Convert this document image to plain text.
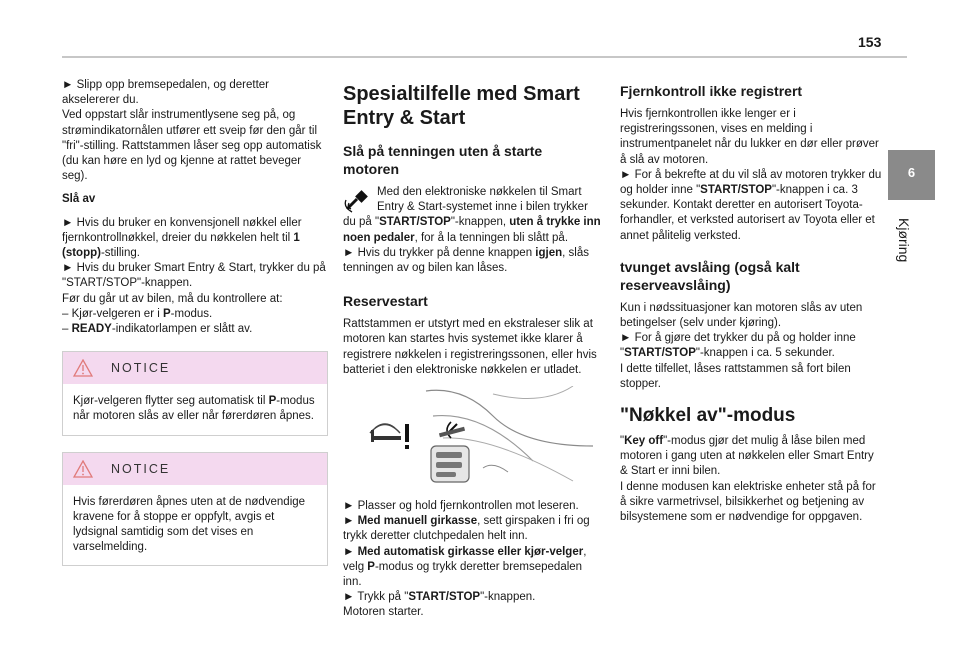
153
6
Kjøring

► Slipp opp bremsepedalen, og deretter akselererer du.

Ved oppstart slår instrumentlysene seg på, og strømindikatornålen utfører ett sveip før den går til "fri"-stilling. Rattstammen låser seg opp automatisk (du kan høre en lyd og kjenne at rattet beveger seg).

Slå av

► Hvis du bruker en konvensjonell nøkkel eller fjernkontrollnøkkel, dreier du nøkkelen helt til 1 (stopp)-stilling.

► Hvis du bruker Smart Entry & Start, trykker du på "START/STOP"-knappen.

Før du går ut av bilen, må du kontrollere at:

– Kjør-velgeren er i P-modus.

– READY-indikatorlampen er slått av.

NOTICE
Kjør-velgeren flytter seg automatisk til P-modus når motoren slås av eller når førerdøren åpnes.
NOTICE
Hvis førerdøren åpnes uten at de nødvendige kravene for å stoppe er oppfylt, avgis et lydsignal samtidig som det vises en varselmelding.
Spesialtilfelle med Smart
Entry & Start
Slå på tenningen uten å starte motoren

Med den elektroniske nøkkelen til Smart Entry & Start-systemet inne i bilen trykker du på "START/STOP"-knappen, uten å trykke inn noen pedaler, for å la tenningen bli slått på.

► Hvis du trykker på denne knappen igjen, slås tenningen av og bilen kan låses.

Reservestart

Rattstammen er utstyrt med en ekstraleser slik at motoren kan startes hvis systemet ikke klarer å registrere nøkkelen i registreringssonen, eller hvis batteriet i den elektroniske nøkkelen er utladet.

► Plasser og hold fjernkontrollen mot leseren.

► Med manuell girkasse, sett girspaken i fri og trykk deretter clutchpedalen helt inn.

► Med automatisk girkasse eller kjør-velger, velg P-modus og trykk deretter bremsepedalen inn.

► Trykk på "START/STOP"-knappen.

Motoren starter.

Fjernkontroll ikke registrert

Hvis fjernkontrollen ikke lenger er i registreringssonen, vises en melding i instrumentpanelet når du lukker en dør eller prøver å slå av motoren.

► For å bekrefte at du vil slå av motoren trykker du og holder inne "START/STOP"-knappen i ca. 3 sekunder. Kontakt deretter en autorisert Toyota-forhandler, et verksted autorisert av Toyota eller et annet pålitelig verksted.

tvunget avslåing (også kalt reserveavslåing)

Kun i nødssituasjoner kan motoren slås av uten betingelser (selv under kjøring).

► For å gjøre det trykker du på og holder inne "START/STOP"-knappen i ca. 5 sekunder.

I dette tilfellet, låses rattstammen så fort bilen stopper.

"Nøkkel av"-modus

"Key off"-modus gjør det mulig å låse bilen med motoren i gang uten at nøkkelen eller Smart Entry & Start er inni bilen.

I denne modusen kan elektriske enheter stå på for å sikre varmetrivsel, bilsikkerhet og betjening av bilsystemene som er nødvendige for oppgaven.
